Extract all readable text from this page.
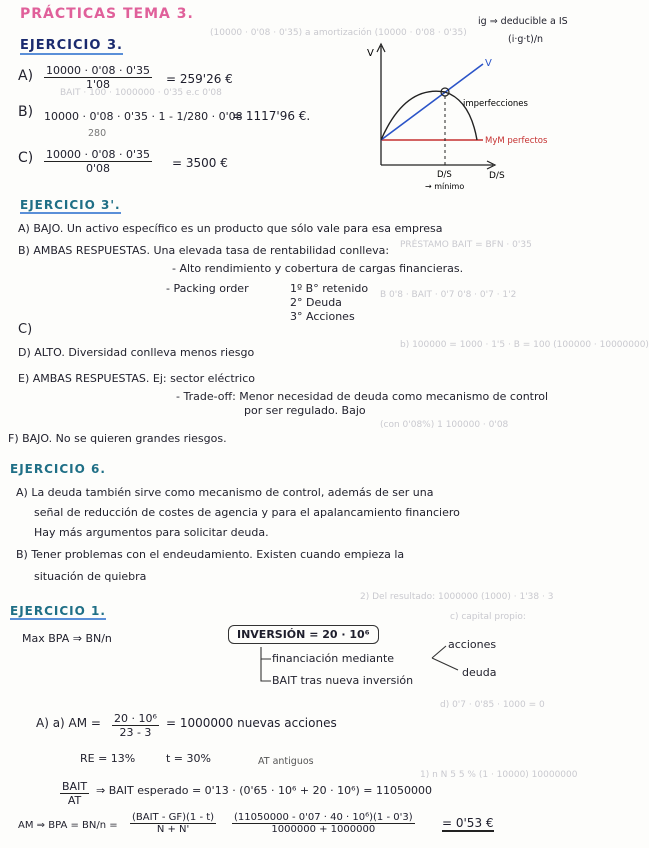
(10000 · 0'08 · 0'35) a amortización (10000 · 0'08 · 0'35)
BAIT · 100 · 1000000 · 0'35 e.c 0'08
PRÉSTAMO BAIT = BFN · 0'35
B 0'8 · BAIT · 0'7 0'8 · 0'7 · 1'2
b) 100000 = 1000 · 1'5 · B = 100 (100000 · 10000000)
(con 0'08%) 1 100000 · 0'08
2) Del resultado: 1000000 (1000) · 1'38 · 3
c) capital propio:
d) 0'7 · 0'85 · 1000 = 0
1) n N 5 5 % (1 · 10000) 10000000
PRÁCTICAS TEMA 3.	ig ⇒ deducible a IS
(i·g·t)/n
EJERCICIO 3.
$A) \frac{10000 \cdot 0'08 \cdot 0'35}{1'08} = 259'26$ €
B) 10000 · 0'08 · 0'35 · 1 - 1/280 · 0'08
280
= 1117'96 €.
$C) \frac{10000 \cdot 0'08 \cdot 0'35}{0'08} = 3500$ €
V
D/S
V
imperfecciones
MyM perfectos
D/S
→ mínimo
EJERCICIO 3'.
A) BAJO. Un activo específico es un producto que sólo vale para esa empresa
B) AMBAS RESPUESTAS. Una elevada tasa de rentabilidad conlleva:
- Alto rendimiento y cobertura de cargas financieras.
- Packing order	1º B° retenido
2° Deuda
3° Acciones
C)
D) ALTO. Diversidad conlleva menos riesgo
E) AMBAS RESPUESTAS. Ej: sector eléctrico
- Trade-off: Menor necesidad de deuda como mecanismo de control
por ser regulado. Bajo
F) BAJO. No se quieren grandes riesgos.
EJERCICIO 6.
A) La deuda también sirve como mecanismo de control, además de ser una
señal de reducción de costes de agencia y para el apalancamiento financiero
Hay más argumentos para solicitar deuda.
B) Tener problemas con el endeudamiento. Existen cuando empieza la
situación de quiebra
EJERCICIO 1.
Max BPA ⇒ BN/n	INVERSIÓN = 20 · 10⁶
financiación mediante
acciones
deuda
BAIT tras nueva inversión
A) a) AM = $\frac{\text{20 · 10⁶}}{23 - 3} = 1000000$ nuevas acciones
RE = 13%	t = 30%	AT antiguos
BAIT
AT
⇒ BAIT esperado = 0'13 · (0'65 · 10⁶ + 20 · 10⁶) = 11050000
AM ⇒ BPA = BN/n =
(BAIT - GF)(1 - t)
N + N'	$\frac{\text{(11050000 - 0'07 · 40 · 10⁶)(1 - 0'3)}}{1000000 + 1000000} = 0'53$ €
